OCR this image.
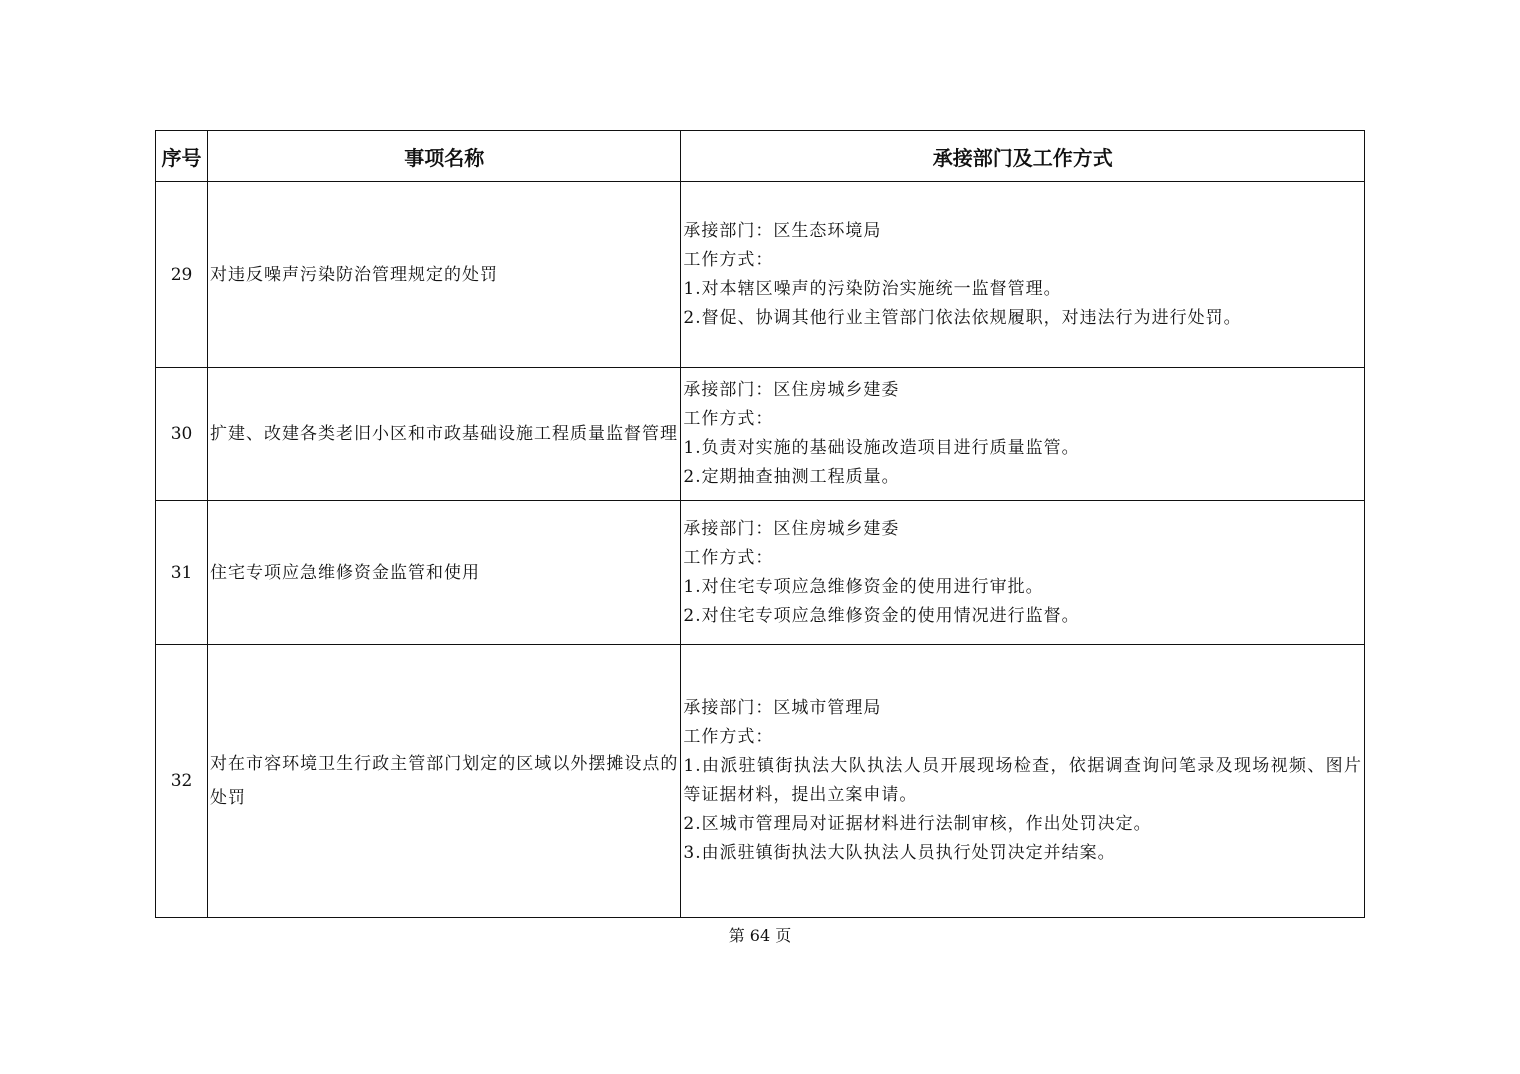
序号	事项名称	承接部门及工作方式
29	对违反噪声污染防治管理规定的处罚	承接部门：区生态环境局
工作方式：
1.对本辖区噪声的污染防治实施统一监督管理。
2.督促、协调其他行业主管部门依法依规履职，对违法行为进行处罚。

30	扩建、改建各类老旧小区和市政基础设施工程质量监督管理	承接部门：区住房城乡建委
工作方式：
1.负责对实施的基础设施改造项目进行质量监管。
2.定期抽查抽测工程质量。

31	住宅专项应急维修资金监管和使用	承接部门：区住房城乡建委
工作方式：
1.对住宅专项应急维修资金的使用进行审批。
2.对住宅专项应急维修资金的使用情况进行监督。

32	对在市容环境卫生行政主管部门划定的区域以外摆摊设点的处罚	承接部门：区城市管理局
工作方式：
1.由派驻镇街执法大队执法人员开展现场检查，依据调查询问笔录及现场视频、图片等证据材料，提出立案申请。
2.区城市管理局对证据材料进行法制审核，作出处罚决定。
3.由派驻镇街执法大队执法人员执行处罚决定并结案。
第 64 页
